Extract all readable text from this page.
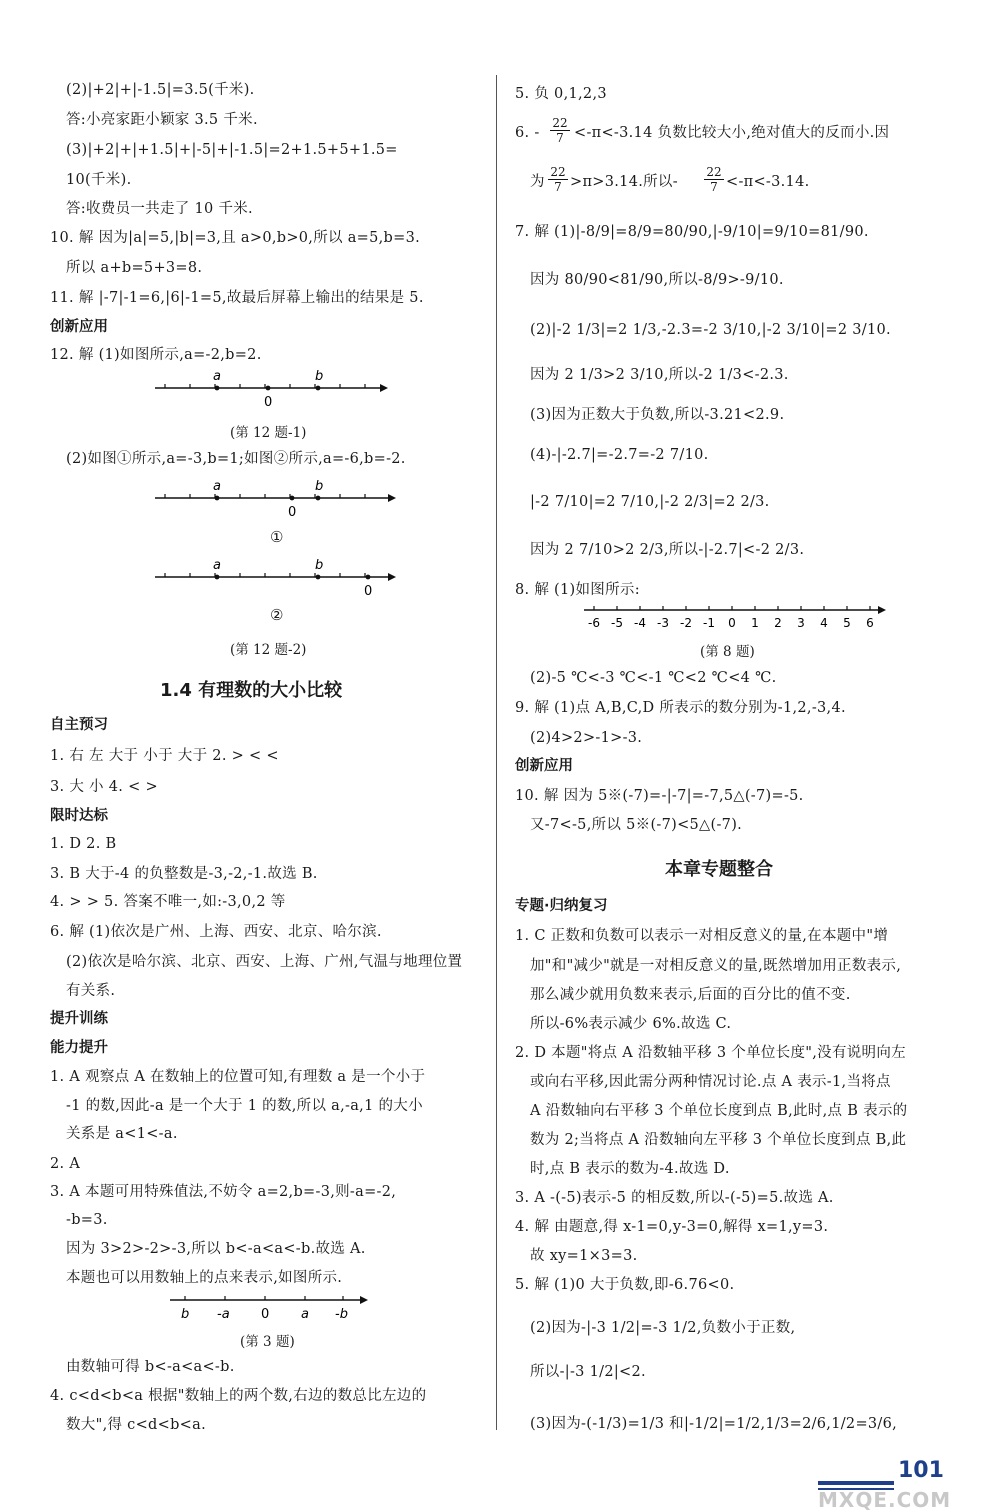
(2)|+2|+|-1.5|=3.5(千米).
答:小亮家距小颖家 3.5 千米.
(3)|+2|+|+1.5|+|-5|+|-1.5|=2+1.5+5+1.5=
10(千米).
答:收费员一共走了 10 千米.
10. 解 因为|a|=5,|b|=3,且 a>0,b>0,所以 a=5,b=3.
所以 a+b=5+3=8.
11. 解 |-7|-1=6,|6|-1=5,故最后屏幕上输出的结果是 5.
创新应用
12. 解 (1)如图所示,a=-2,b=2.
a	b
0
(第 12 题-1)
(2)如图①所示,a=-3,b=1;如图②所示,a=-6,b=-2.
a	b
0
①
a	b
0
②
(第 12 题-2)
1.4 有理数的大小比较
自主预习
1. 右 左 大于 小于 大于 2. > < <
3. 大 小 4. < >
限时达标
1. D 2. B
3. B 大于-4 的负整数是-3,-2,-1.故选 B.
4. > > 5. 答案不唯一,如:-3,0,2 等
6. 解 (1)依次是广州、上海、西安、北京、哈尔滨.
(2)依次是哈尔滨、北京、西安、上海、广州,气温与地理位置
有关系.
提升训练
能力提升
1. A 观察点 A 在数轴上的位置可知,有理数 a 是一个小于
-1 的数,因此-a 是一个大于 1 的数,所以 a,-a,1 的大小
关系是 a<1<-a.
2. A
3. A 本题可用特殊值法,不妨令 a=2,b=-3,则-a=-2,
-b=3.
因为 3>2>-2>-3,所以 b<-a<a<-b.故选 A.
本题也可以用数轴上的点来表示,如图所示.
b -a 0 a -b
(第 3 题)
由数轴可得 b<-a<a<-b.
4. c<d<b<a 根据"数轴上的两个数,右边的数总比左边的
数大",得 c<d<b<a.
5. 负 0,1,2,3
6. - $\frac{22}{7} <-\pi<-3.14$ 负数比较大小,绝对值大的反而小.因
为 $\frac{22}{7} >\pi>3.14$.所以- $\frac{22}{7} <-\pi<-3.14$.
7. 解 (1)|-8/9|=8/9=80/90,|-9/10|=9/10=81/90.
因为 80/90<81/90,所以-8/9>-9/10.
(2)|-2 1/3|=2 1/3,-2.3=-2 3/10,|-2 3/10|=2 3/10.
因为 2 1/3>2 3/10,所以-2 1/3<-2.3.
(3)因为正数大于负数,所以-3.21<2.9.
(4)-|-2.7|=-2.7=-2 7/10.
|-2 7/10|=2 7/10,|-2 2/3|=2 2/3.
因为 2 7/10>2 2/3,所以-|-2.7|<-2 2/3.
8. 解 (1)如图所示:
-6 -5 -4 -3 -2 -1 0 1 2 3 4 5 6
(第 8 题)
(2)-5 ℃<-3 ℃<-1 ℃<2 ℃<4 ℃.
9. 解 (1)点 A,B,C,D 所表示的数分别为-1,2,-3,4.
(2)4>2>-1>-3.
创新应用
10. 解 因为 5※(-7)=-|-7|=-7,5△(-7)=-5.
又-7<-5,所以 5※(-7)<5△(-7).
本章专题整合
专题·归纳复习
1. C 正数和负数可以表示一对相反意义的量,在本题中"增
加"和"减少"就是一对相反意义的量,既然增加用正数表示,
那么减少就用负数来表示,后面的百分比的值不变.
所以-6%表示减少 6%.故选 C.
2. D 本题"将点 A 沿数轴平移 3 个单位长度",没有说明向左
或向右平移,因此需分两种情况讨论.点 A 表示-1,当将点
A 沿数轴向右平移 3 个单位长度到点 B,此时,点 B 表示的
数为 2;当将点 A 沿数轴向左平移 3 个单位长度到点 B,此
时,点 B 表示的数为-4.故选 D.
3. A -(-5)表示-5 的相反数,所以-(-5)=5.故选 A.
4. 解 由题意,得 x-1=0,y-3=0,解得 x=1,y=3.
故 xy=1×3=3.
5. 解 (1)0 大于负数,即-6.76<0.
(2)因为-|-3 1/2|=-3 1/2,负数小于正数,
所以-|-3 1/2|<2.
(3)因为-(-1/3)=1/3 和|-1/2|=1/2,1/3=2/6,1/2=3/6,
101
MXQE.COM
